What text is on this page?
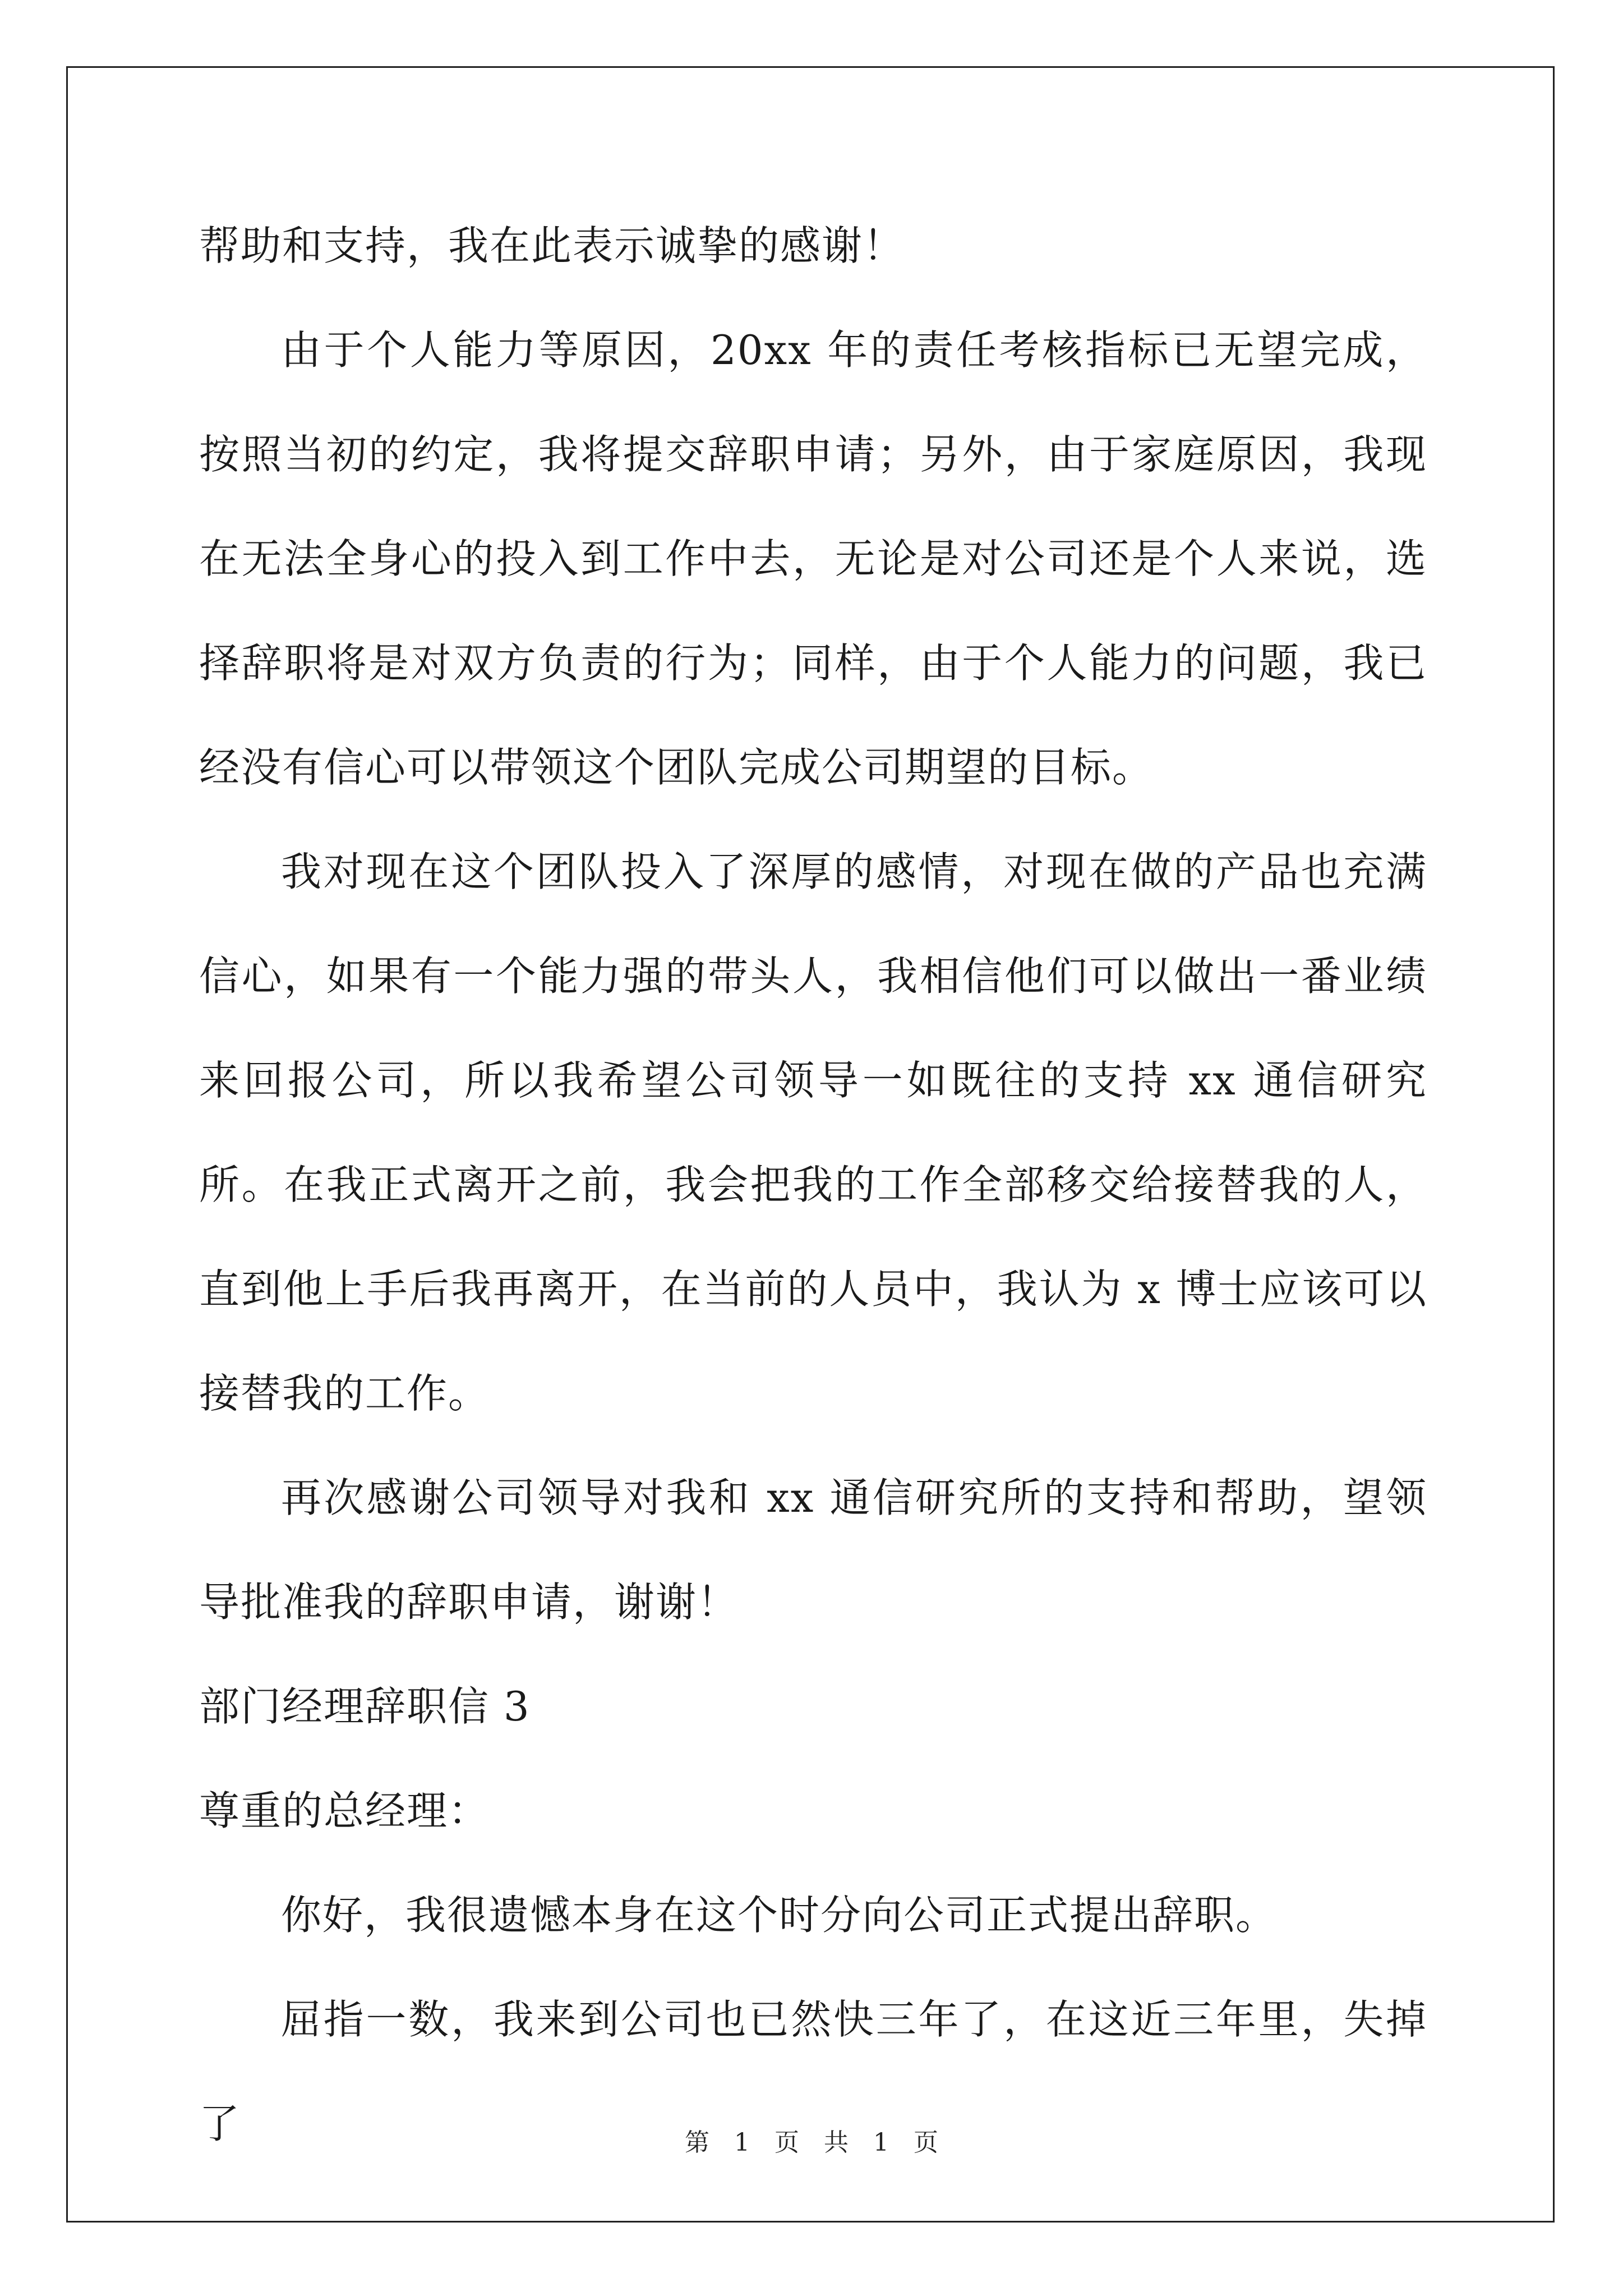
帮助和支持，我在此表示诚挚的感谢！

由于个人能力等原因，20xx 年的责任考核指标已无望完成，按照当初的约定，我将提交辞职申请；另外，由于家庭原因，我现在无法全身心的投入到工作中去，无论是对公司还是个人来说，选择辞职将是对双方负责的行为；同样，由于个人能力的问题，我已经没有信心可以带领这个团队完成公司期望的目标。

我对现在这个团队投入了深厚的感情，对现在做的产品也充满信心，如果有一个能力强的带头人，我相信他们可以做出一番业绩来回报公司，所以我希望公司领导一如既往的支持 xx 通信研究所。在我正式离开之前，我会把我的工作全部移交给接替我的人，直到他上手后我再离开，在当前的人员中，我认为 x 博士应该可以接替我的工作。

再次感谢公司领导对我和 xx 通信研究所的支持和帮助，望领导批准我的辞职申请，谢谢！

部门经理辞职信 3

尊重的总经理：

你好，我很遗憾本身在这个时分向公司正式提出辞职。

屈指一数，我来到公司也已然快三年了，在这近三年里，失掉了	第 1 页 共 1 页
